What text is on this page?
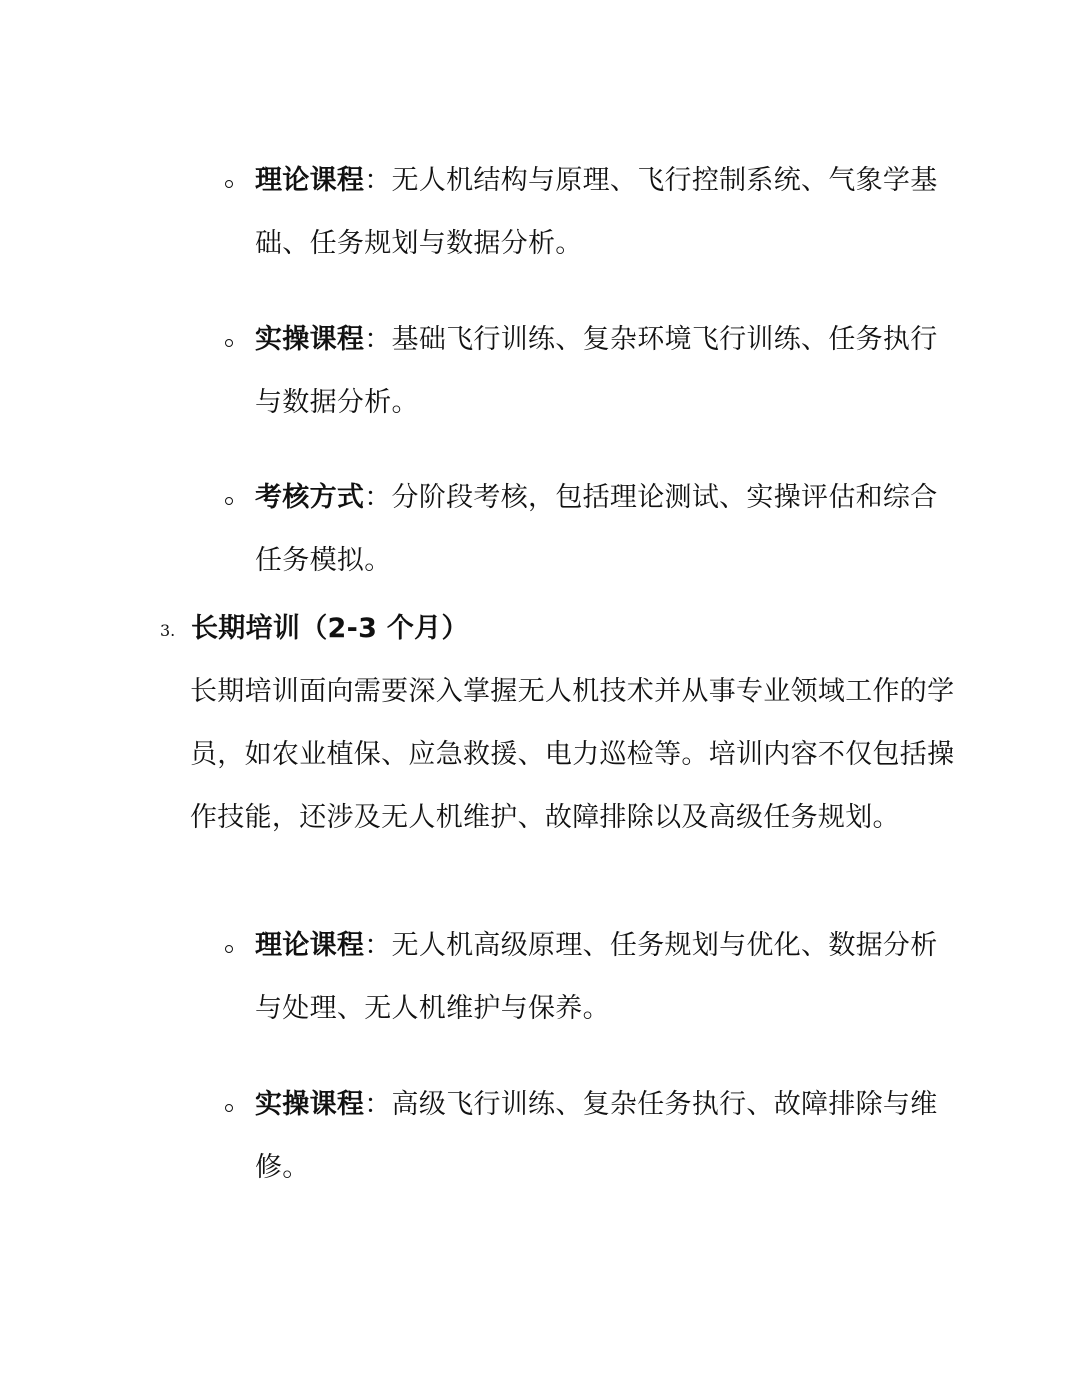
理论课程：无人机结构与原理、飞行控制系统、气象学基础、任务规划与数据分析。
实操课程：基础飞行训练、复杂环境飞行训练、任务执行与数据分析。
考核方式：分阶段考核，包括理论测试、实操评估和综合任务模拟。
3. 长期培训（2-3 个月）
长期培训面向需要深入掌握无人机技术并从事专业领域工作的学员，如农业植保、应急救援、电力巡检等。培训内容不仅包括操作技能，还涉及无人机维护、故障排除以及高级任务规划。
理论课程：无人机高级原理、任务规划与优化、数据分析与处理、无人机维护与保养。
实操课程：高级飞行训练、复杂任务执行、故障排除与维修。
